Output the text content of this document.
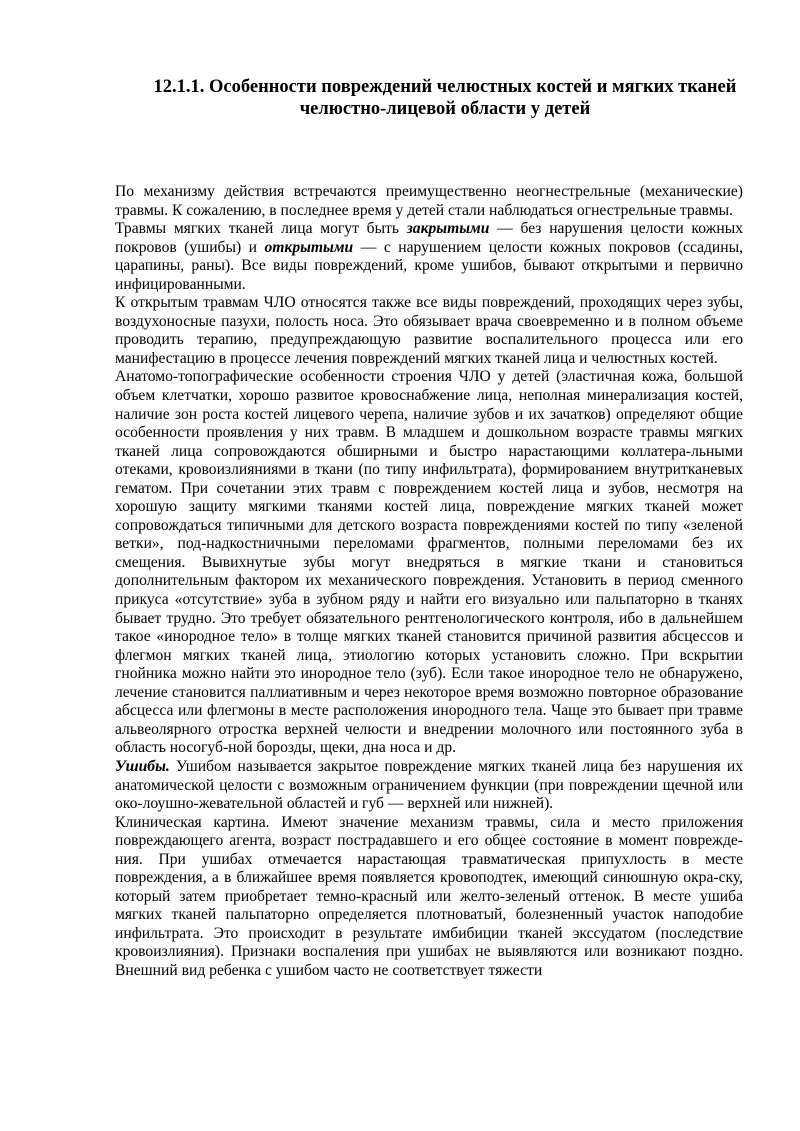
12.1.1. Особенности повреждений челюстных костей и мягких тканей
челюстно-лицевой области у детей

По механизму действия встречаются преимущественно неогнестрельные (механические) травмы. К сожалению, в последнее время у детей стали наблюдаться огнестрельные травмы.

Травмы мягких тканей лица могут быть закрытыми — без нарушения целости кожных покровов (ушибы) и открытыми — с нарушением целости кожных покровов (ссадины, царапины, раны). Все виды повреждений, кроме ушибов, бывают открытыми и первично инфицированными.

К открытым травмам ЧЛО относятся также все виды повреждений, проходящих через зубы, воздухоносные пазухи, полость носа. Это обязывает врача своевременно и в полном объеме проводить терапию, предупреждающую развитие воспалительного процесса или его манифестацию в процессе лечения повреждений мягких тканей лица и челюстных костей.

Анатомо-топографические особенности строения ЧЛО у детей (эластичная кожа, большой объем клетчатки, хорошо развитое кровоснабжение лица, неполная минерализация костей, наличие зон роста костей лицевого черепа, наличие зубов и их зачатков) определяют общие особенности проявления у них травм. В младшем и дошкольном возрасте травмы мягких тканей лица сопровождаются обширными и быстро нарастающими коллатера-льными отеками, кровоизлияниями в ткани (по типу инфильтрата), формированием внутритканевых гематом. При сочетании этих травм с повреждением костей лица и зубов, несмотря на хорошую защиту мягкими тканями костей лица, повреждение мягких тканей может сопровождаться типичными для детского возраста повреждениями костей по типу «зеленой ветки», под-надкостничными переломами фрагментов, полными переломами без их смещения. Вывихнутые зубы могут внедряться в мягкие ткани и становиться дополнительным фактором их механического повреждения. Установить в период сменного прикуса «отсутствие» зуба в зубном ряду и найти его визуально или пальпаторно в тканях бывает трудно. Это требует обязательного рентгенологического контроля, ибо в дальнейшем такое «инородное тело» в толще мягких тканей становится причиной развития абсцессов и флегмон мягких тканей лица, этиологию которых установить сложно. При вскрытии гнойника можно найти это инородное тело (зуб). Если такое инородное тело не обнаружено, лечение становится паллиативным и через некоторое время возможно повторное образование абсцесса или флегмоны в месте расположения инородного тела. Чаще это бывает при травме альвеолярного отростка верхней челюсти и внедрении молочного или постоянного зуба в область носогуб-ной борозды, щеки, дна носа и др.

Ушибы. Ушибом называется закрытое повреждение мягких тканей лица без нарушения их анатомической целости с возможным ограничением функции (при повреждении щечной или око-лоушно-жевательной областей и губ — верхней или нижней).

Клиническая картина. Имеют значение механизм травмы, сила и место приложения повреждающего агента, возраст пострадавшего и его общее состояние в момент поврежде-ния. При ушибах отмечается нарастающая травматическая припухлость в месте повреждения, а в ближайшее время появляется кровоподтек, имеющий синюшную окра-ску, который затем приобретает темно-красный или желто-зеленый оттенок. В месте ушиба мягких тканей пальпаторно определяется плотноватый, болезненный участок наподобие инфильтрата. Это происходит в результате имбибиции тканей экссудатом (последствие кровоизлияния). Признаки воспаления при ушибах не выявляются или возникают поздно. Внешний вид ребенка с ушибом часто не соответствует тяжести
